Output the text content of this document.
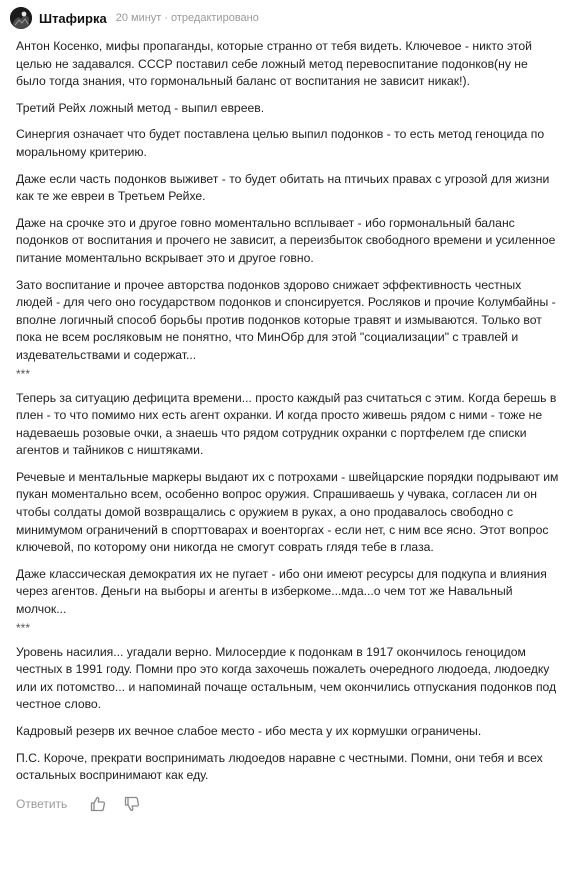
Штафирка 20 минут · отредактировано

Антон Косенко, мифы пропаганды, которые странно от тебя видеть. Ключевое - никто этой целью не задавался. СССР поставил себе ложный метод перевоспитание подонков(ну не было тогда знания, что гормональный баланс от воспитания не зависит никак!).

Третий Рейх ложный метод - выпил евреев.

Синергия означает что будет поставлена целью выпил подонков - то есть метод геноцида по моральному критерию.

Даже если часть подонков выживет - то будет обитать на птичьих правах с угрозой для жизни как те же евреи в Третьем Рейхе.

Даже на срочке это и другое говно моментально всплывает - ибо гормональный баланс подонков от воспитания и прочего не зависит, а переизбыток свободного времени и усиленное питание моментально вскрывает это и другое говно.

Зато воспитание и прочее авторства подонков здорово снижает эффективность честных людей - для чего оно государством подонков и спонсируется. Росляков и прочие Колумбайны - вполне логичный способ борьбы против подонков которые травят и измываются. Только вот пока не всем росляковым не понятно, что МинОбр для этой "социализации" с травлей и издевательствами и содержат...

***

Теперь за ситуацию дефицита времени... просто каждый раз считаться с этим. Когда берешь в плен - то что помимо них есть агент охранки. И когда просто живешь рядом с ними - тоже не надеваешь розовые очки, а знаешь что рядом сотрудник охранки с портфелем где списки агентов и тайников с ништяками.

Речевые и ментальные маркеры выдают их с потрохами - швейцарские порядки подрывают им пукан моментально всем, особенно вопрос оружия. Спрашиваешь у чувака, согласен ли он чтобы солдаты домой возвращались с оружием в руках, а оно продавалось свободно с минимумом ограничений в спорттоварах и военторгах - если нет, с ним все ясно. Этот вопрос ключевой, по которому они никогда не смогут соврать глядя тебе в глаза.

Даже классическая демократия их не пугает - ибо они имеют ресурсы для подкупа и влияния через агентов. Деньги на выборы и агенты в изберкоме...мда...о чем тот же Навальный молчок...

***

Уровень насилия... угадали верно. Милосердие к подонкам в 1917 окончилось геноцидом честных в 1991 году. Помни про это когда захочешь пожалеть очередного людоеда, людоедку или их потомство... и напоминай почаще остальным, чем окончились отпускания подонков под честное слово.

Кадровый резерв их вечное слабое место - ибо места у их кормушки ограничены.

П.С. Короче, прекрати воспринимать людоедов наравне с честными. Помни, они тебя и всех остальных воспринимают как еду.

Ответить
